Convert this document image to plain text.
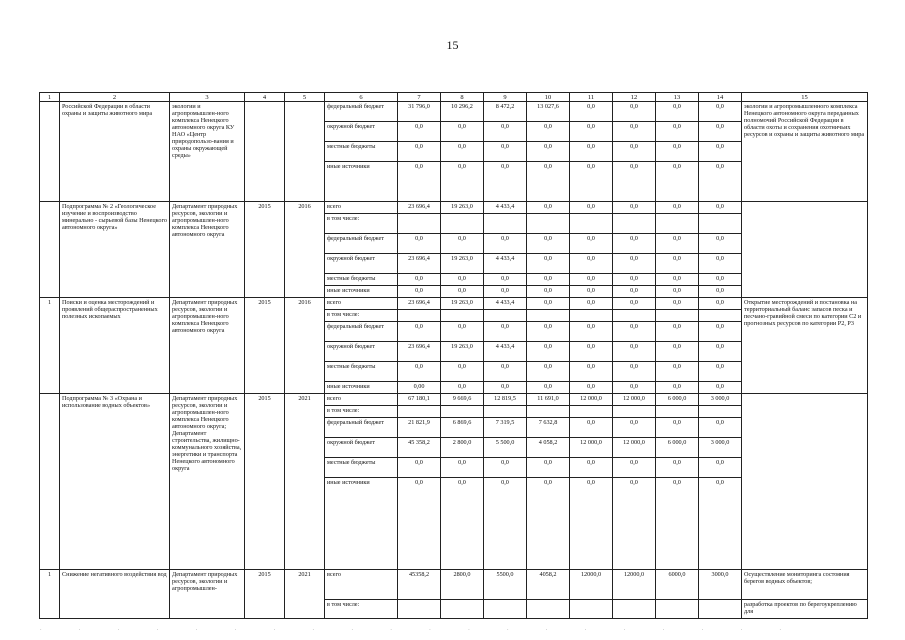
15
1	2	3	4	5	6	7	8	9	10	11	12	13	14	15
	Российской Федерации в области охраны и защиты животного мира	экологии и агропромышлен-ного комплекса Ненецкого автономного округа КУ НАО «Центр природопользо-вания и охраны окружающей среды»			федеральный бюджет	31 796,0	10 296,2	8 472,2	13 027,6	0,0	0,0	0,0	0,0	экологии и агропромышленного комплекса Ненецкого автономного округа переданных полномочий Российской Федерации в области охоты и сохранения охотничьих ресурсов и охраны и защиты животного мира
					окружной бюджет	0,0	0,0	0,0	0,0	0,0	0,0	0,0	0,0	
					местные бюджеты	0,0	0,0	0,0	0,0	0,0	0,0	0,0	0,0	
					иные источники	0,0	0,0	0,0	0,0	0,0	0,0	0,0	0,0	
	Подпрограмма № 2 «Геологическое изучение и воспроизводство минерально - сырьевой базы Ненецкого автономного округа»	Департамент природных ресурсов, экологии и агропромышлен-ного комплекса Ненецкого автономного округа	2015	2016	всего	23 696,4	19 263,0	4 433,4	0,0	0,0	0,0	0,0	0,0	
					в том числе:									
					федеральный бюджет	0,0	0,0	0,0	0,0	0,0	0,0	0,0	0,0	
					окружной бюджет	23 696,4	19 263,0	4 433,4	0,0	0,0	0,0	0,0	0,0	
					местные бюджеты	0,0	0,0	0,0	0,0	0,0	0,0	0,0	0,0	
					иные источники	0,0	0,0	0,0	0,0	0,0	0,0	0,0	0,0	
1	Поиски и оценка месторождений и проявлений общераспространенных полезных ископаемых	Департамент природных ресурсов, экологии и агропромышлен-ного комплекса Ненецкого автономного округа	2015	2016	всего	23 696,4	19 263,0	4 433,4	0,0	0,0	0,0	0,0	0,0	Открытие месторождений и постановка на территориальный баланс запасов песка и песчано-гравийной смеси по категории С2 и прогнозных ресурсов по категории Р2, Р3
					в том числе:									
					федеральный бюджет	0,0	0,0	0,0	0,0	0,0	0,0	0,0	0,0	
					окружной бюджет	23 696,4	19 263,0	4 433,4	0,0	0,0	0,0	0,0	0,0	
					местные бюджеты	0,0	0,0	0,0	0,0	0,0	0,0	0,0	0,0	
					иные источники	0,00	0,0	0,0	0,0	0,0	0,0	0,0	0,0	
	Подпрограмма № 3 «Охрана и использование водных объектов»	Департамент природных ресурсов, экологии и агропромышлен-ного комплекса Ненецкого автономного округа; Департамент строительства, жилищно-коммунального хозяйства, энергетики и транспорта Ненецкого автономного округа	2015	2021	всего	67 180,1	9 669,6	12 819,5	11 691,0	12 000,0	12 000,0	6 000,0	3 000,0	
					в том числе:									
					федеральный бюджет	21 821,9	6 869,6	7 319,5	7 632,8	0,0	0,0	0,0	0,0	
					окружной бюджет	45 358,2	2 800,0	5 500,0	4 058,2	12 000,0	12 000,0	6 000,0	3 000,0	
					местные бюджеты	0,0	0,0	0,0	0,0	0,0	0,0	0,0	0,0	
					иные источники	0,0	0,0	0,0	0,0	0,0	0,0	0,0	0,0	
1	Снижение негативного воздействия вод	Департамент природных ресурсов, экологии и агропромышлен-	2015	2021	всего	45358,2	2800,0	5500,0	4058,2	12000,0	12000,0	6000,0	3000,0	Осуществление мониторинга состояния берегов водных объектов;
					в том числе:									разработка проектов по берегоукреплению для
· · · · · · · · · · · · · · · · · · · ·
